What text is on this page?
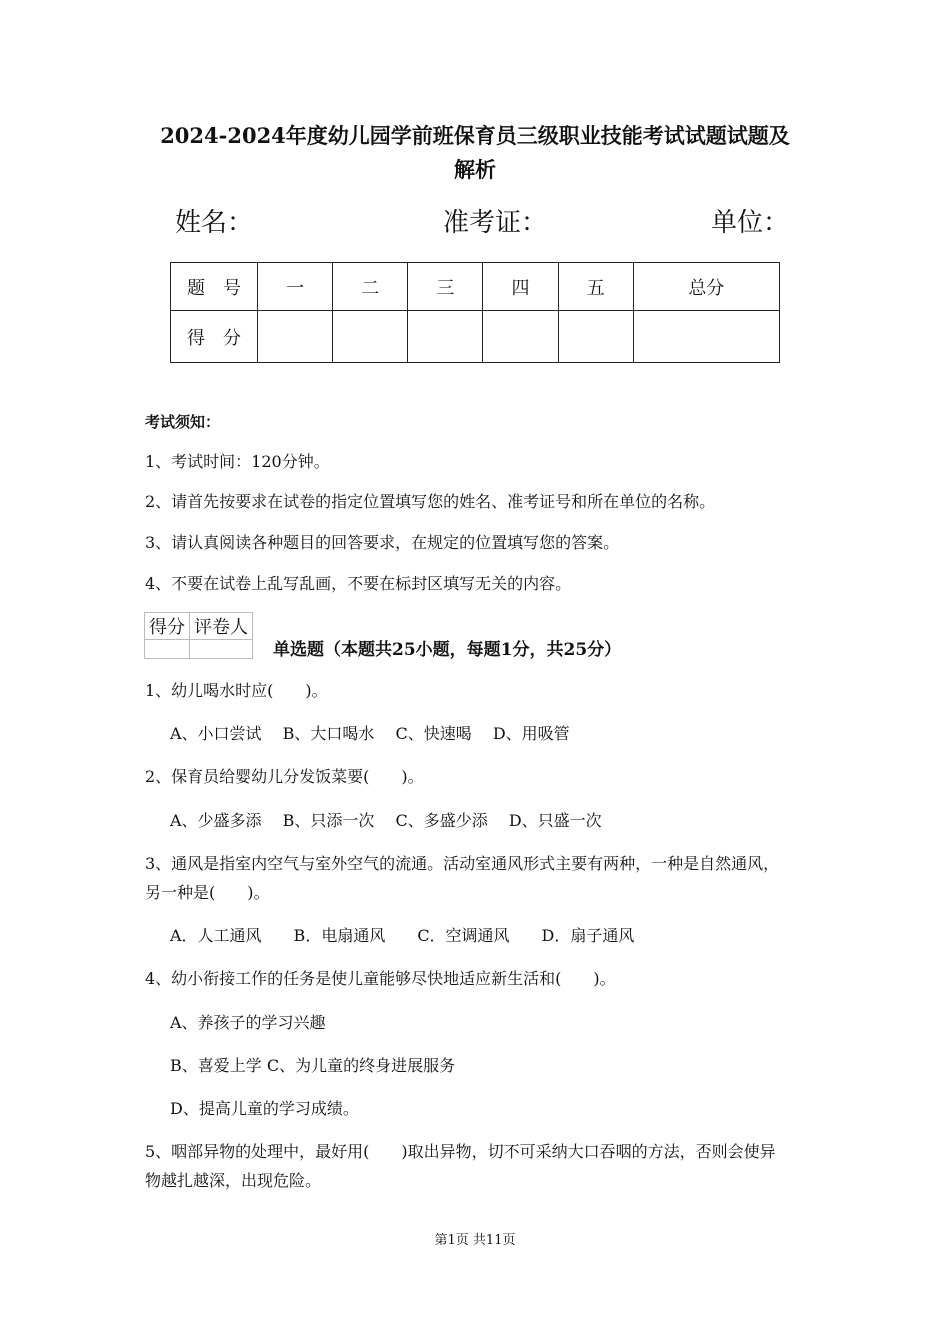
2024-2024年度幼儿园学前班保育员三级职业技能考试试题试题及
解析
姓名：	准考证：	单位：
题　号	一	二	三	四	五	总分
得　分						
考试须知：
1、考试时间：120分钟。
2、请首先按要求在试卷的指定位置填写您的姓名、准考证号和所在单位的名称。
3、请认真阅读各种题目的回答要求，在规定的位置填写您的答案。
4、不要在试卷上乱写乱画，不要在标封区填写无关的内容。
得分	评卷人

单选题（本题共25小题，每题1分，共25分）
1、幼儿喝水时应(　　)。
A、小口尝试　 B、大口喝水　 C、快速喝　 D、用吸管
2、保育员给婴幼儿分发饭菜要(　　)。
A、少盛多添　 B、只添一次　 C、多盛少添　 D、只盛一次
3、通风是指室内空气与室外空气的流通。活动室通风形式主要有两种，一种是自然通风，
另一种是(　　)。
A．人工通风　　B．电扇通风　　C．空调通风　　D．扇子通风
4、幼小衔接工作的任务是使儿童能够尽快地适应新生活和(　　)。
A、养孩子的学习兴趣
B、喜爱上学 C、为儿童的终身进展服务
D、提高儿童的学习成绩。
5、咽部异物的处理中，最好用(　　)取出异物，切不可采纳大口吞咽的方法，否则会使异
物越扎越深，出现危险。
第1页 共11页
